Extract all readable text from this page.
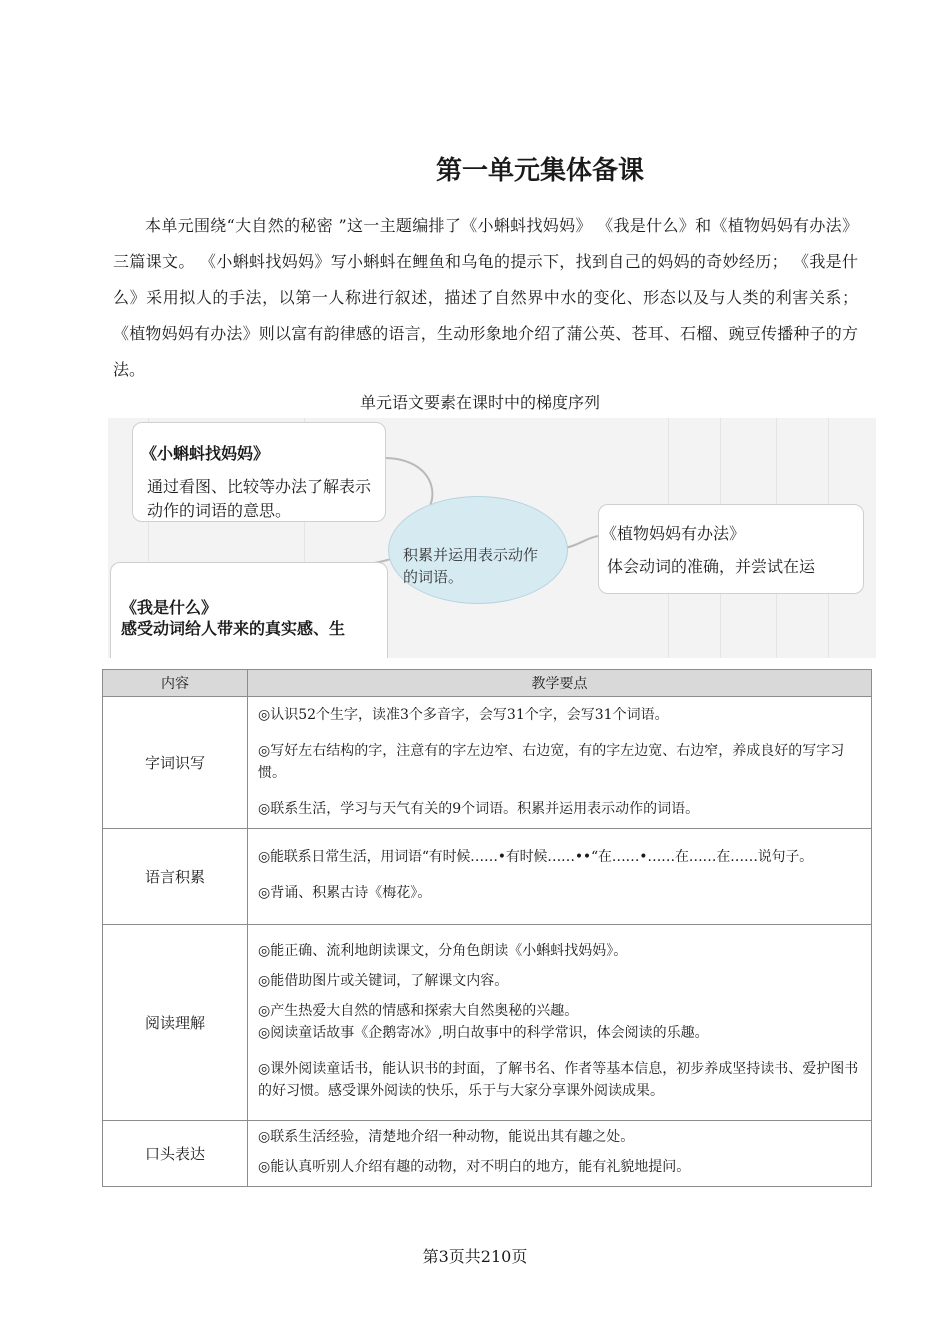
第一单元集体备课

本单元围绕“大自然的秘密 ”这一主题编排了《小蝌蚪找妈妈》 《我是什么》和《植物妈妈有办法》三篇课文。 《小蝌蚪找妈妈》写小蝌蚪在鲤鱼和乌龟的提示下，找到自己的妈妈的奇妙经历； 《我是什么》采用拟人的手法，以第一人称进行叙述，描述了自然界中水的变化、形态以及与人类的利害关系； 《植物妈妈有办法》则以富有韵律感的语言，生动形象地介绍了蒲公英、苍耳、石榴、豌豆传播种子的方法。

单元语文要素在课时中的梯度序列
积累并运用表示动作的词语。
《小蝌蚪找妈妈》
通过看图、比较等办法了解表示动作的词语的意思。
《植物妈妈有办法》
体会动词的准确，并尝试在运
《我是什么》
感受动词给人带来的真实感、生
内容	教学要点
字词识写	◎认识52个生字，读准3个多音字，会写31个字，会写31个词语。
◎写好左右结构的字，注意有的字左边窄、右边宽，有的字左边宽、右边窄，养成良好的写字习惯。
◎联系生活，学习与天气有关的9个词语。积累并运用表示动作的词语。

语言积累	◎能联系日常生活，用词语“有时候……•有时候……••“在……•……在……在……说句子。
◎背诵、积累古诗《梅花》。

阅读理解	◎能正确、流利地朗读课文，分角色朗读《小蝌蚪找妈妈》。
◎能借助图片或关键词，了解课文内容。
◎产生热爱大自然的情感和探索大自然奥秘的兴趣。
◎阅读童话故事《企鹅寄冰》,明白故事中的科学常识，体会阅读的乐趣。
◎课外阅读童话书，能认识书的封面，了解书名、作者等基本信息，初步养成坚持读书、爱护图书的好习惯。感受课外阅读的快乐，乐于与大家分享课外阅读成果。

口头表达	◎联系生活经验，清楚地介绍一种动物，能说出其有趣之处。
◎能认真听别人介绍有趣的动物，对不明白的地方，能有礼貌地提问。
第3页共210页
